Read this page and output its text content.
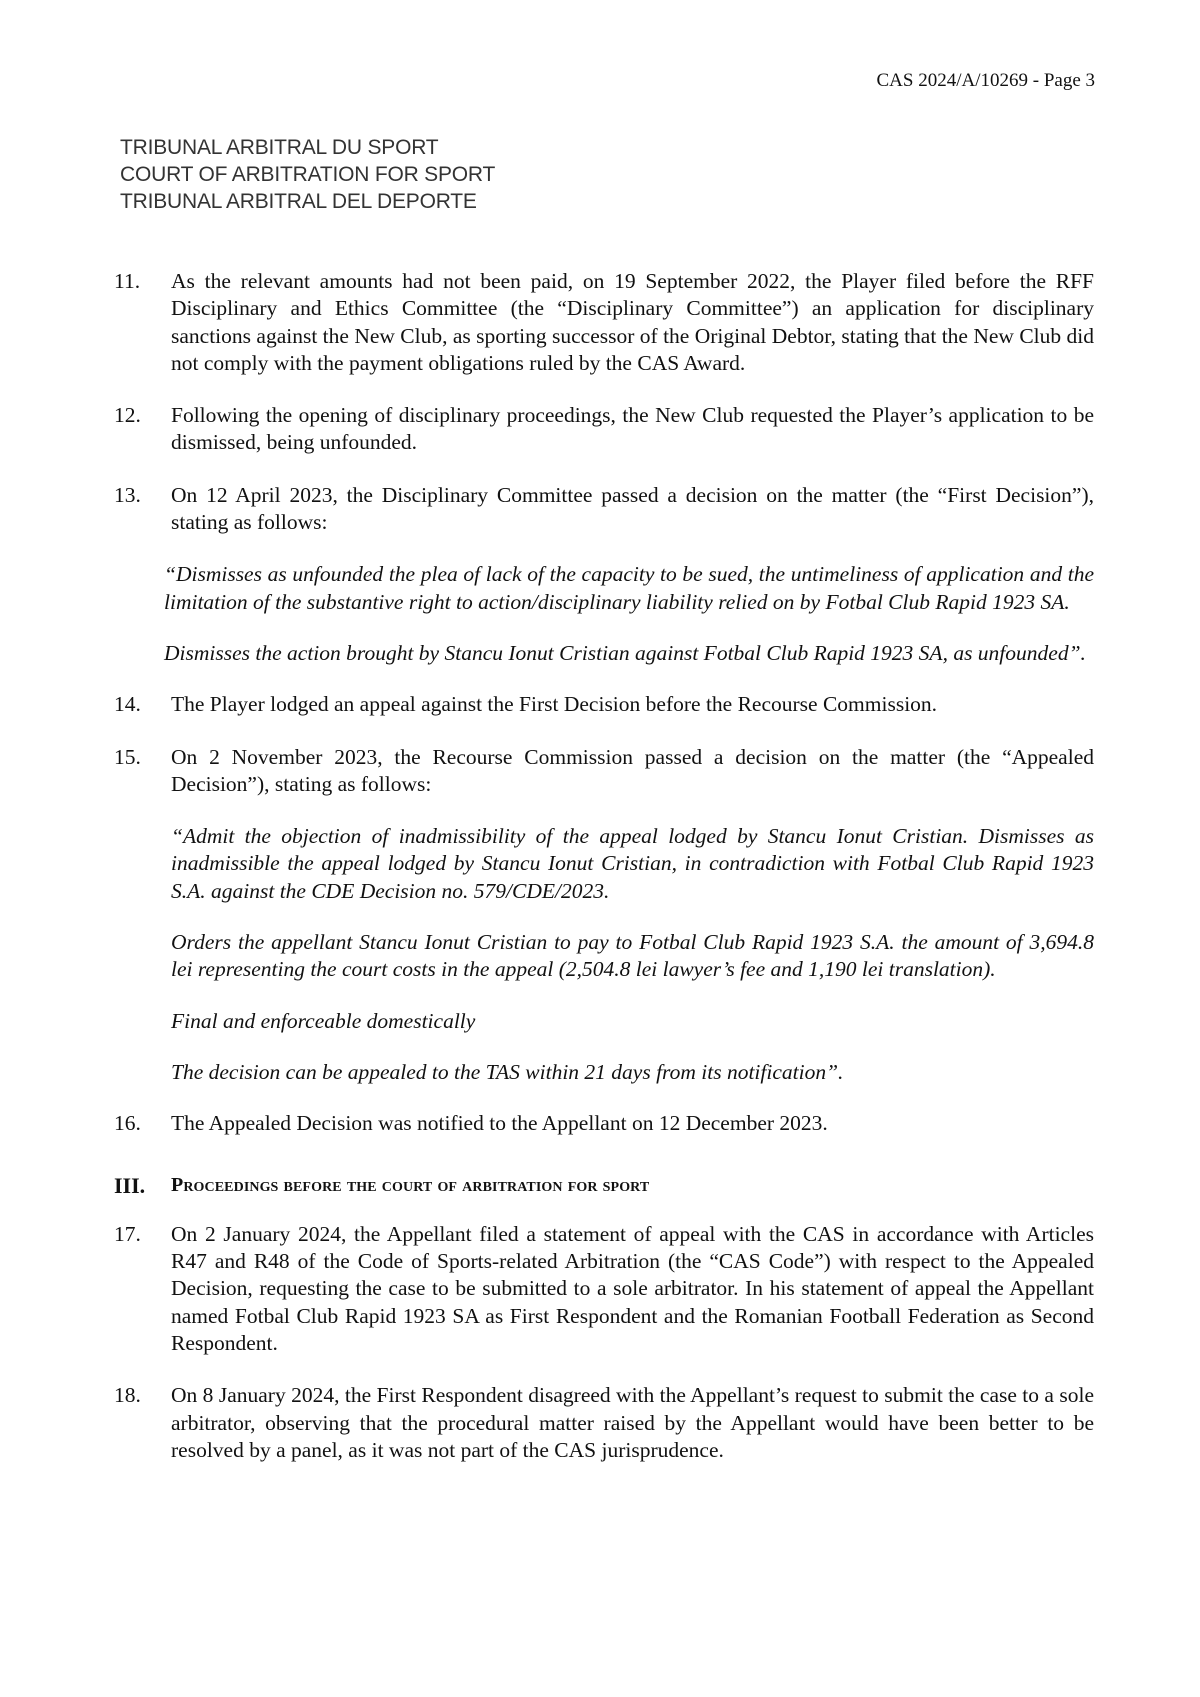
CAS 2024/A/10269 - Page 3
TRIBUNAL ARBITRAL DU SPORT
COURT OF ARBITRATION FOR SPORT
TRIBUNAL ARBITRAL DEL DEPORTE
11.	As the relevant amounts had not been paid, on 19 September 2022, the Player filed before the RFF Disciplinary and Ethics Committee (the “Disciplinary Committee”) an application for disciplinary sanctions against the New Club, as sporting successor of the Original Debtor, stating that the New Club did not comply with the payment obligations ruled by the CAS Award.
12.	Following the opening of disciplinary proceedings, the New Club requested the Player’s application to be dismissed, being unfounded.
13.	On 12 April 2023, the Disciplinary Committee passed a decision on the matter (the “First Decision”), stating as follows:
“Dismisses as unfounded the plea of lack of the capacity to be sued, the untimeliness of application and the limitation of the substantive right to action/disciplinary liability relied on by Fotbal Club Rapid 1923 SA.
Dismisses the action brought by Stancu Ionut Cristian against Fotbal Club Rapid 1923 SA, as unfounded”.
14.	The Player lodged an appeal against the First Decision before the Recourse Commission.
15.	On 2 November 2023, the Recourse Commission passed a decision on the matter (the “Appealed Decision”), stating as follows:
“Admit the objection of inadmissibility of the appeal lodged by Stancu Ionut Cristian. Dismisses as inadmissible the appeal lodged by Stancu Ionut Cristian, in contradiction with Fotbal Club Rapid 1923 S.A. against the CDE Decision no. 579/CDE/2023.
Orders the appellant Stancu Ionut Cristian to pay to Fotbal Club Rapid 1923 S.A. the amount of 3,694.8 lei representing the court costs in the appeal (2,504.8 lei lawyer’s fee and 1,190 lei translation).
Final and enforceable domestically
The decision can be appealed to the TAS within 21 days from its notification”.
16.	The Appealed Decision was notified to the Appellant on 12 December 2023.
III.	Proceedings before the court of arbitration for sport
17.	On 2 January 2024, the Appellant filed a statement of appeal with the CAS in accordance with Articles R47 and R48 of the Code of Sports-related Arbitration (the “CAS Code”) with respect to the Appealed Decision, requesting the case to be submitted to a sole arbitrator. In his statement of appeal the Appellant named Fotbal Club Rapid 1923 SA as First Respondent and the Romanian Football Federation as Second Respondent.
18.	On 8 January 2024, the First Respondent disagreed with the Appellant’s request to submit the case to a sole arbitrator, observing that the procedural matter raised by the Appellant would have been better to be resolved by a panel, as it was not part of the CAS jurisprudence.
